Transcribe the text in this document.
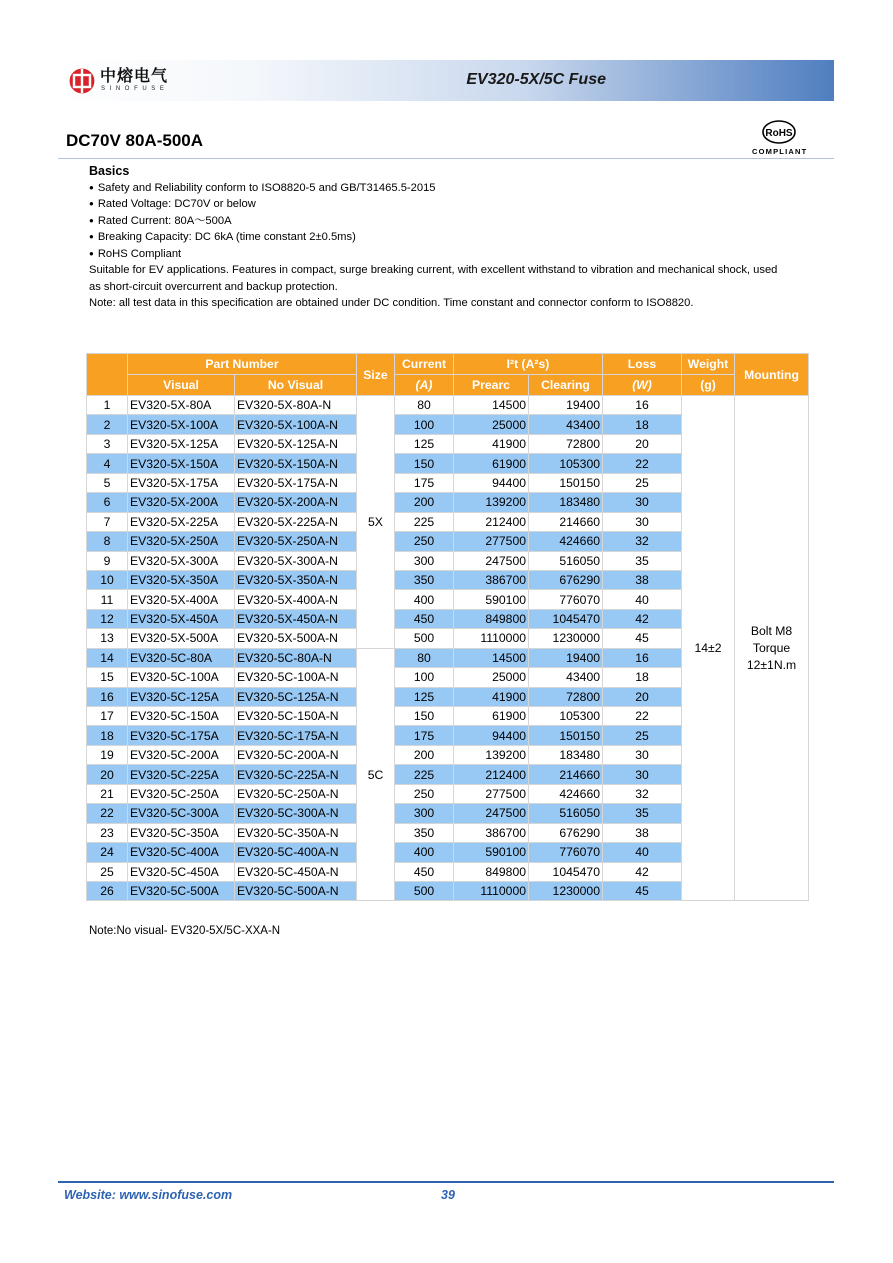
中熔电气
SINOFUSE
EV320-5X/5C Fuse
DC70V 80A-500A	RoHS
COMPLIANT
Basics
● Safety and Reliability conform to ISO8820-5 and GB/T31465.5-2015
● Rated Voltage: DC70V or below
● Rated Current: 80A～500A
● Breaking Capacity: DC 6kA (time constant 2±0.5ms)
● RoHS Compliant
Suitable for EV applications. Features in compact, surge breaking current, with excellent withstand to vibration and mechanical shock, used as short-circuit overcurrent and backup protection.
Note: all test data in this specification are obtained under DC condition. Time constant and connector conform to ISO8820.
	Part Number		Size	Current	I²t (A²s)		Loss	Weight	Mounting
	Visual	No Visual		(A)	Prearc	Clearing	(W)	(g)	
1	EV320-5X-80A	EV320-5X-80A-N	5X	80	14500	19400	16	14±2	Bolt M8
Torque
12±1N.m

2	EV320-5X-100A	EV320-5X-100A-N		100	25000	43400	18		
3	EV320-5X-125A	EV320-5X-125A-N		125	41900	72800	20		
4	EV320-5X-150A	EV320-5X-150A-N		150	61900	105300	22		
5	EV320-5X-175A	EV320-5X-175A-N		175	94400	150150	25		
6	EV320-5X-200A	EV320-5X-200A-N		200	139200	183480	30		
7	EV320-5X-225A	EV320-5X-225A-N		225	212400	214660	30		
8	EV320-5X-250A	EV320-5X-250A-N		250	277500	424660	32		
9	EV320-5X-300A	EV320-5X-300A-N		300	247500	516050	35		
10	EV320-5X-350A	EV320-5X-350A-N		350	386700	676290	38		
11	EV320-5X-400A	EV320-5X-400A-N		400	590100	776070	40		
12	EV320-5X-450A	EV320-5X-450A-N		450	849800	1045470	42		
13	EV320-5X-500A	EV320-5X-500A-N		500	1110000	1230000	45		
14	EV320-5C-80A	EV320-5C-80A-N	5C	80	14500	19400	16		
15	EV320-5C-100A	EV320-5C-100A-N		100	25000	43400	18		
16	EV320-5C-125A	EV320-5C-125A-N		125	41900	72800	20		
17	EV320-5C-150A	EV320-5C-150A-N		150	61900	105300	22		
18	EV320-5C-175A	EV320-5C-175A-N		175	94400	150150	25		
19	EV320-5C-200A	EV320-5C-200A-N		200	139200	183480	30		
20	EV320-5C-225A	EV320-5C-225A-N		225	212400	214660	30		
21	EV320-5C-250A	EV320-5C-250A-N		250	277500	424660	32		
22	EV320-5C-300A	EV320-5C-300A-N		300	247500	516050	35		
23	EV320-5C-350A	EV320-5C-350A-N		350	386700	676290	38		
24	EV320-5C-400A	EV320-5C-400A-N		400	590100	776070	40		
25	EV320-5C-450A	EV320-5C-450A-N		450	849800	1045470	42		
26	EV320-5C-500A	EV320-5C-500A-N		500	1110000	1230000	45		
Note:No visual- EV320-5X/5C-XXA-N
Website: www.sinofuse.com	39
